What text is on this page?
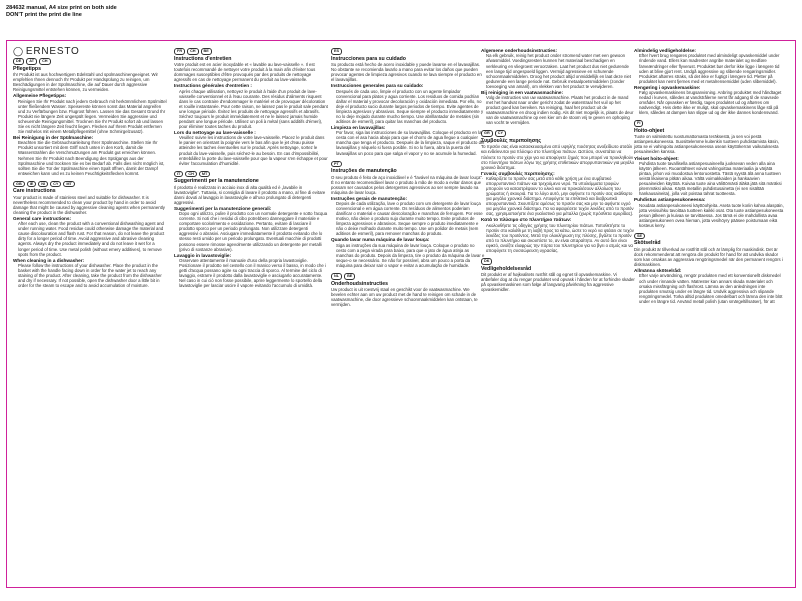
284632 manual, A4 size print on both side
DON'T print the print die line
◯ ERNESTO
DE	AT	CH
Pflegetipps

Ihr Produkt ist aus hochwertigem Edelstahl und spülmaschinengeeignet. Wir empfehlen Ihnen dennoch Ihr Produkt per Handspülung zu reinigen, um Beschädigungen in der Spülmaschine, die auf Dauer durch aggressive Reinigungsmittel entstehen können, zu vermeiden.

Allgemeine Pflegetipps:

Reinigen Sie Ihr Produkt nach jedem Gebrauch mit herkömmlichem Spülmittel unter fließendem Wasser. Speisereste können sonst das Material angreifen und zu Verfärbungen bzw. Flugrost führen. Lassen Sie das Gesamt Grund Ihr Produkt nie längere Zeit ungespült liegen. Vermeiden Sie aggressive und scheuernde Reinigungsmittel. Trocknen Sie Ihr Produkt sofort ab und lassen Sie es nicht längere Zeit feucht liegen. Flecken auf Ihrem Produkt entfernen Sie mühelos mit einem Metallpflegemittel (ohne Schmirgelzusatz).

Bei Reinigung in der Spülmaschine:

Beachten Sie die Gebrauchsanleitung Ihrer Spülmaschine. Stellen Sie Ihr Produkt unsortiert mit dem Griff nach unten in den Korb, damit die Wasserstrahlen die Verschmutzungen am Produkt gut erreichen können. Nehmen Sie Ihr Produkt nach Beendigung des Spülgangs aus der Spülmaschine und trocknen Sie es bei Bedarf ab. Falls dies nicht möglich ist, sollten Sie die Tür der Spülmaschine einen Spalt öffnen, damit der Dampf entweichen kann und es zu keinen Feuchtigkeitsflecken kommt.

GB	IE	NI	CY	MT
Care instructions

Your product is made of stainless steel and suitable for dishwasher. It is nevertheless recommended to clean your product by hand in order to avoid damage that might be caused by aggressive cleaning agents when permanently cleaning the product in the dishwasher.

General care instructions:

After each use, clean the product with a conventional dishwashing agent and under running water. Food residue could otherwise damage the material and cause discolouration and flash rust. For that reason, do not leave the product dirty for a longer period of time. Avoid aggressive and abrasive cleaning agents. Always dry the product immediately and do not leave it wet for a longer period of time. Use metal polish (without emery additives), to remove spots from the product.

When cleaning in a dishwasher:

Please follow the instructions of your dishwasher. Place the product in the basket with the handle facing down in order for the water jet to reach any staining of the product. After cleaning, take the product from the dishwasher and dry if necessary. If not possible, open the dishwasher door a little bit in order for the steam to escape and to avoid accumulation of moisture.

FR	CH	BE
Instructions d'entretien

Votre produit est en acier inoxydable et « lavable au lave-vaisselle ». Il est toutefois recommandé de nettoyer votre produit à la main afin d'éviter tous dommages susceptibles d'être provoqués par des produits de nettoyage agressifs en cas de nettoyage permanent du produit au lave-vaisselle.

Instructions générales d'entretien :

Après chaque utilisation, nettoyez le produit à l'aide d'un produit de lave-vaisselle conventionnel et à l'eau courante. Des résidus d'aliments risquent dans le cas contraire d'endommager le matériel et de provoquer décoloration et rouille instantanée. Pour cette raison, ne laissez pas le produit sale pendant une longue période. Évitez les produits de nettoyage agressifs et abrasifs. Séchez toujours le produit immédiatement et ne le laissez jamais humide pendant une longue période. Utilisez un poli à métal (sans additifs d'émeri), pour éliminer toutes taches du produit.

Lors du nettoyage au lave-vaisselle :

Veuillez suivre les instructions de votre lave-vaisselle. Placez le produit dans le panier en orientant la poignée vers le bas afin que le jet d'eau puisse atteindre les taches éventuelles sur le produit. Après nettoyage, sortez le produit du lave-vaisselle, puis séchez-le au besoin. En cas d'impossibilité, entrebâillez la porte du lave-vaisselle pour que la vapeur s'en échappe et pour éviter l'accumulation d'humidité.

IT	CH	MT
Suggerimenti per la manutenzione

Il prodotto è realizzato in acciaio inox di alta qualità ed è „lavabile in lavastoviglie". Tuttavia, si consiglia di lavare il prodotto a mano, al fine di evitare danni dovuti al lavaggio in lavastoviglie e all'uso prolungato di detergenti aggressivi.

Suggerimenti per la manutenzione generali:

Dopo ogni utilizzo, pulire il prodotto con un normale detergente e sotto l'acqua corrente. Si noti che i residui di cibo potrebbero danneggiare il materiale e comportare scolorimento e ossidazione. Pertanto, evitare di lasciare il prodotto sporco per un periodo prolungato. Non utilizzare detergenti aggressivi o abrasivi. Asciugare immediatamente il prodotto evitando che lo stesso resti umido per un periodo prolungato. Eventuali macchie di prodotti possono essere rimosse agevolmente utilizzando un detergente per metalli (privo di sostanze abrasive).

Lavaggio in lavastoviglie:

Osservare attentamente il manuale d'uso della propria lavastoviglie. Posizionare il prodotto nel cestello con il manico verso il basso, in modo che i getti d'acqua possano agire su ogni traccia di sporco. Al termine del ciclo di lavaggio, estrarre il prodotto dalla lavastoviglie e asciugarlo accuratamente. Nel caso in cui ciò non fosse possibile, aprire leggermente lo sportello della lavastoviglie per lasciar uscire il vapore evitando l'accumulo di umidità.

ES
Instrucciones para su cuidado

Su producto está hecho de acero inoxidable y puede lavarse en el lavavajillas. No obstante se recomienda lavarlo a mano para evitar los daños que pueden provocar agentes de limpieza agresivos cuando se lava siempre el producto en el lavavajillas.

Instrucciones generales para su cuidado:

Después de cada uso, limpie el producto con un agente limpiador convencional para platos y agua corriente. Los residuos de comida podrían dañar el material y provocar decoloración y oxidación inmediata. Por ello, no deje el producto sucio durante largos periodos de tiempo. Evite agentes de limpieza agresivos y abrasivos. Seque siempre el producto inmediatamente y no lo deje mojado durante mucho tiempo. Use abrillantador de metales (sin aditivos de esmeril), para quitar las manchas del producto.

Limpieza en lavavajillas:

Por favor, siga las instrucciones de su lavavajillas. Coloque el producto en la cesta con el asa hacia abajo para que el chorro de agua llegue a cualquier mancha que tenga el producto. Después de la limpieza, saque el producto del lavavajillas y séquelo si fuera posible. Si no lo fuera, abra la puerta del lavavajillas un poco para que salga el vapor y no se acumule la humedad.

PT
Instruções de manutenção

O seu produto é feito de aço inoxidável e é "lavável na máquina de lavar louça". É no entanto recomendável lavar o produto à mão de modo a evitar danos que possam ser causados pelos detergentes agressivos ao ser sempre lavado na máquina de lavar louça.

Instruções gerais de manutenção:

Depois de cada utilização, lave o produto com um detergente de lavar louça convencional e em água corrente. Os resíduos de alimentos poderiam danificar o material e causar descoloração e manchas de ferrugem. Por esse motivo, não deixe o produto sujo durante muito tempo. Evite produtos de limpeza agressivos e abrasivos. Seque sempre o produto imediatamente e não o deixe molhado durante muito tempo. Use um polidor de metais (sem aditivos de esmeril), para remover manchas do produto.

Quando lavar numa máquina de lavar louça:

Siga as instruções da sua máquina de lavar louça. Coloque o produto no cesto com a pega virada para baixo, para que o jato de água atinja as manchas do produto. Depois da limpeza, tire o produto da máquina de lavar e seque-o se necessário. Se não for possível, abra um pouco a porta da máquina para deixar sair o vapor e evitar a acumulação de humidade.

NL	BE
Onderhoudsinstructies

Uw product is uit roestvrij staal en geschikt voor de vaatwasmachine. We bevelen echter aan om uw product met de hand te reinigen om schade in de vaatwasmachine, die door agressieve schoonmaakmiddelen kan ontstaan, te vermijden.

Algemene onderhoudsinstructies:

Na elk gebruik, reinig het product onder stromend water met een gewoon afwasmiddel. Voedingsresten kunnen het materiaal beschadigen en verkleuring en vliegroest veroorzaken. Laat het product dus niet gedurende een lange tijd ongespoeld liggen. Vermijd agressieve en schurende schoonmaakmiddelen. Droog het product altijd onmiddellijk en laat deze niet gedurende een lange periode nat. Gebruik metaalpoetsmiddelen (zonder toevoeging van amaril), om vlekken van het product te verwijderen.

Bij reiniging in een vaatwasmachine:

Volg de instructies van uw vaatwasmachine. Plaats het product in de mand met het handvat naar onder gericht zodat de waterstraal het vuil op het product goed kan bereiken. Na reiniging, haal het product uit de vaatwasmachine en droog indien nodig. Als dit niet mogelijk is, plaats de deur van de vaatwasmachine op een kier om de stoom vrij te geven en ophoping van vocht te vermijden.

GR	CY
Συμβουλές περιποίησης

Το προϊόν σας είναι κατασκευασμένο από υψηλής ποιότητας ανοξείδωτο ατσάλι και ενδείκνυται για πλύσιμο στο πλυντήριο πιάτων. Ωστόσο, συνιστάται να πλένετε το προϊόν στο χέρι για να αποφύγετε ζημιές που μπορεί να προκληθούν στο πλυντήριο πιάτων λόγω της χρήσης επιθετικών απορρυπαντικών για μεγάλο χρονικό διάστημα.

Γενικές συμβουλές περιποίησης:

Καθαρίζετε το προϊόν σας μετά από κάθε χρήση με ένα συμβατικό απορρυπαντικό πιάτων και τρεχούμενο νερό. Τα υπολείμματα τροφών μπορούν να καταστρέψουν το υλικό και να προκαλέσουν αλλοίωση του χρώματος ή σκουριά. Για το λόγο αυτό, μην αφήνετε το προϊόν σας ακάθαρτο για μεγάλο χρονικό διάστημα. Αποφύγετε τα επιθετικά και διαβρωτικά απορρυπαντικά. Σκουπίζετε αμέσως το προϊόν σας και μην το αφήνετε υγρό για μεγάλο χρονικό διάστημα. Για να αφαιρέσετε τυχόν λεκέδες από το προϊόν σας, χρησιμοποιήστε ένα γυαλιστικό για μέταλλα (χωρίς πρόσθετα σμυρίδας).

Κατά το πλύσιμο στο πλυντήριο πιάτων:

Ακολουθήστε τις οδηγίες χρήσης του πλυντηρίου πιάτων. Τοποθετήστε το προϊόν στο καλάθι με τη λαβή προς τα κάτω, ώστε το νερό να φτάσει σε τυχόν λεκέδες του προϊόντος. Μετά την ολοκλήρωση της πλύσης, βγάλτε το προϊόν από το πλυντήριο και σκουπίστε το, αν είναι απαραίτητο. Αν αυτό δεν είναι εφικτό, ανοίξτε ελαφρώς την πόρτα του πλυντηρίου για να βγει ο ατμός και να αποφύγετε τη συσσώρευση υγρασίας.

DK
Vedligeholdelsesråd

Dit produkt er af højkvalitets rustfrit stål og egnet til opvaskemaskine. Vi anbefaler dog at du rengør produktet ved opvask i hånden for at forhindre skader på opvaskemaskinen som følge af langvarig påvirkning fra aggressive opvaskemidler.

Almindelig vedligeholdelse:

Efter hvert brug rengøres produktet med almindeligt opvaskemiddel under rindende vand. Ellers kan madrester angribe materialet og medføre farveændringer eller flyverust. Produktet bør derfor ikke ligge i længere tid uden at blive gjort rent. Undgå aggressive og slibende rengøringsmidler. Produktet aftørres straks, så det ikke er fugtigt i længere tid. Pletter på produktet kan nemt fjernes med et metalrensemiddel (uden slibemiddel).

Rengøring i opvaskemaskine:

Følg opvaskemaskinens brugsanvisning. Anbring produktet med håndtaget nedad i kurven, således at vandstrålerne nemt får adgang til de snavsede områder. Når opvasken er færdig, tages produktet ud og aftørres om nødvendigt. Hvis dette ikke er muligt, skal opvaskemaskinens låge stå på klem, således at dampen kan slippe ud og der ikke dannes kondensvand.

FI
Hoito-ohjeet

Tuote on valmistettu ruostumattomasta teräksestä, ja sen voi pestä astianpesukoneessa. Suosittelemme kuitenkin tuotteen puhdistamista käsin, jotta se ei vahingoitu astianpesukoneessa usean käyttökerran vaikutuksesta pesuaineiden kanssa.

Yleiset hoito-ohjeet:

Puhdista tuote tavallisella astianpesuaineella juoksevan veden alla aina käytön jälkeen. Ruoantähteet voivat vahingoittaa materiaalia ja värjätä pintaa, johon voi muodostua lentoruostetta. Tästä syystä älä anna tuotteen seistä likaisena pitkän aikaa. Vältä voimakkaiden ja hankaavien pesuaineiden käyttöä. Kuivaa tuote aina välittömästi äläkä jätä sitä märäksi pitemmäksi aikaa. Käytä metallin puhdistusainetta (ei sen sisältää hankausaineita), jolla voit poistaa tahrat tuotteesta.

Puhdistus astianpesukoneessa:

Noudata astianpesukoneesi käyttöohjeita. Aseta tuote koriin kahva alaspäin, jotta vesisuihku tavoittaa tuotteen kaikki osat. Ota tuote astianpesukoneesta pesun jälkeen ja kuivaa se tarvittaessa. Jos tämä ei ole mahdollista avaa astianpesukoneen ovea hieman, jotta vesihöyry pääsee poistumaan eikä kosteus kerry.

SE
Skötselråd

Din produkt är tillverkad av rostfritt stål och är lämplig för maskindisk. Det är dock rekommenderat att rengöra din produkt för hand för att undvika skador som kan orsakas av aggressiva rengöringsmedel när den permanent rengörs i diskmaskinen.

Allmänna skötselråd:

Efter varje användning, rengör produkten med ett konventionellt diskmedel och under rinnande vatten. Matrester kan annars skada materialet och orsaka missfärgning och flashrost. Lämna av den anledningen inte produkten smutsig under en längre tid. Undvik aggressiva och slipande rengöringsmedel. Torka alltid produkten omedelbart och lämna den inte blöt under en längre tid. Använd metall polish (utan smärgeltillsatser), för att
